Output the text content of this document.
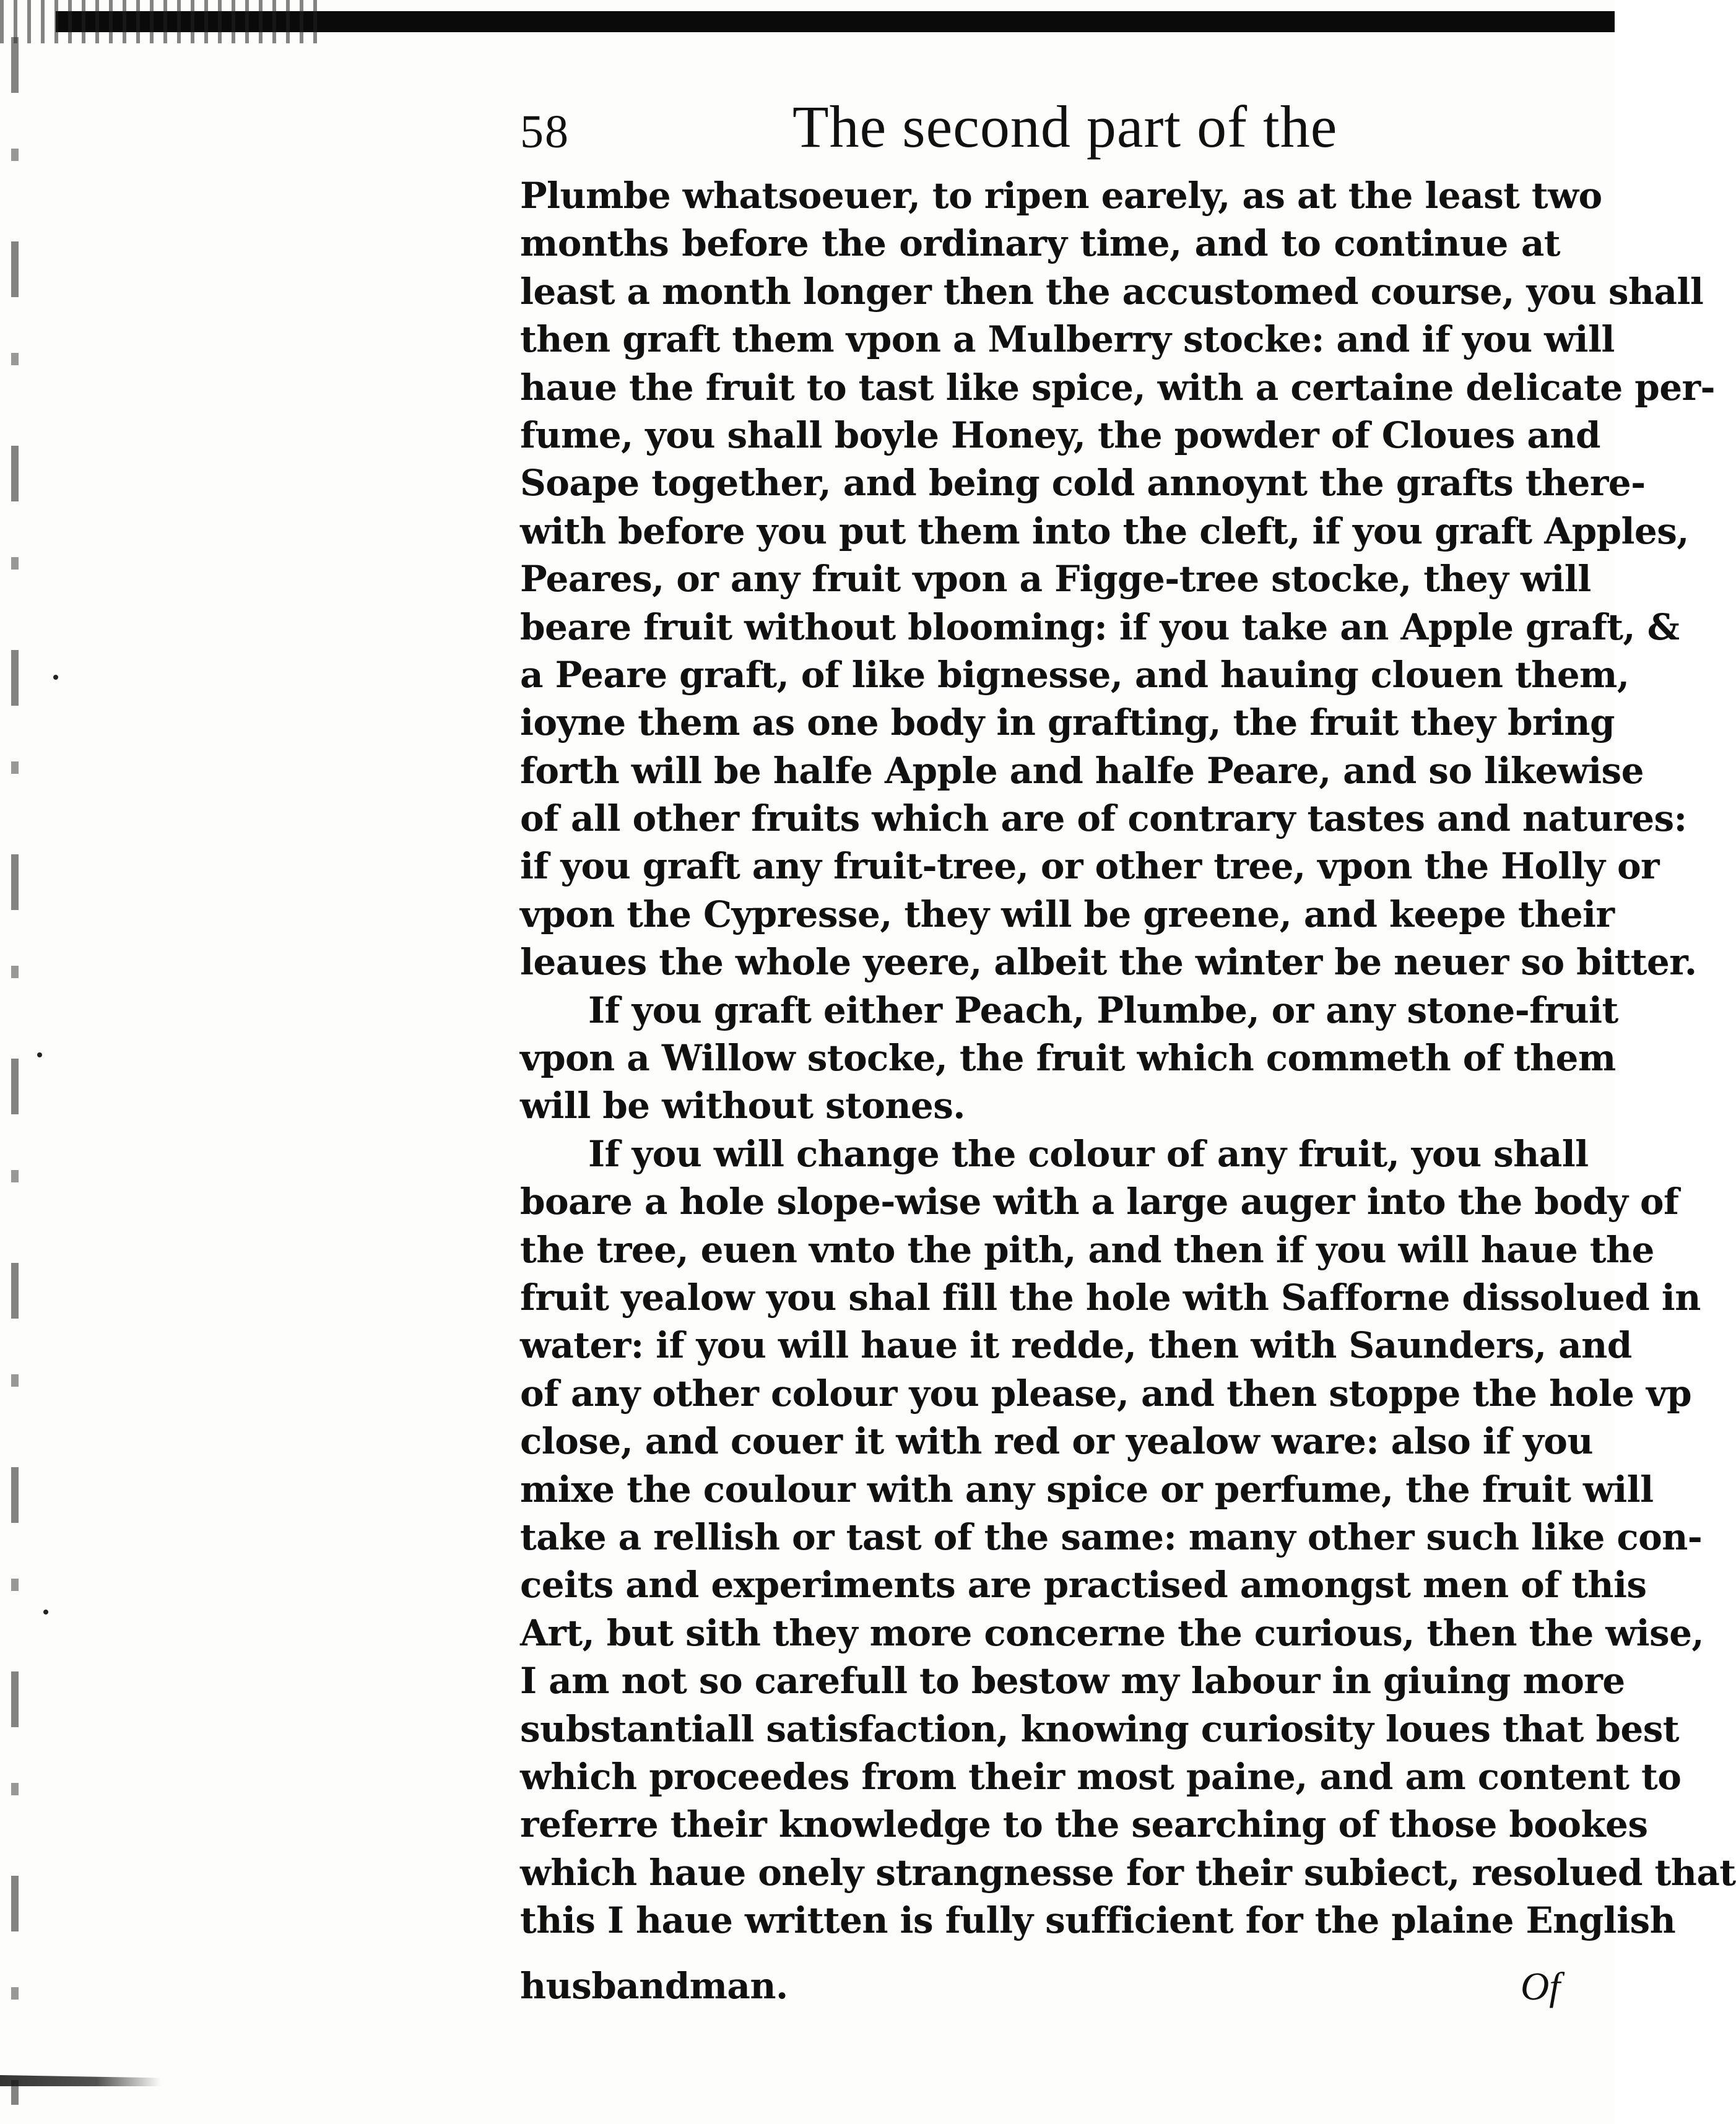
58	The second part of the
Plumbe whatsoeuer, to ripen earely, as at the least two
months before the ordinary time, and to continue at
least a month longer then the accustomed course, you shall
then graft them vpon a Mulberry stocke: and if you will
haue the fruit to tast like spice, with a certaine delicate per-
fume, you shall boyle Honey, the powder of Cloues and
Soape together, and being cold annoynt the grafts there-
with before you put them into the cleft, if you graft Apples,
Peares, or any fruit vpon a Figge-tree stocke, they will
beare fruit without blooming: if you take an Apple graft, &
a Peare graft, of like bignesse, and hauing clouen them,
ioyne them as one body in grafting, the fruit they bring
forth will be halfe Apple and halfe Peare, and so likewise
of all other fruits which are of contrary tastes and natures:
if you graft any fruit-tree, or other tree, vpon the Holly or
vpon the Cypresse, they will be greene, and keepe their
leaues the whole yeere, albeit the winter be neuer so bitter.
If you graft either Peach, Plumbe, or any stone-fruit
vpon a Willow stocke, the fruit which commeth of them
will be without stones.
If you will change the colour of any fruit, you shall
boare a hole slope-wise with a large auger into the body of
the tree, euen vnto the pith, and then if you will haue the
fruit yealow you shal fill the hole with Safforne dissolued in
water: if you will haue it redde, then with Saunders, and
of any other colour you please, and then stoppe the hole vp
close, and couer it with red or yealow ware: also if you
mixe the coulour with any spice or perfume, the fruit will
take a rellish or tast of the same: many other such like con-
ceits and experiments are practised amongst men of this
Art, but sith they more concerne the curious, then the wise,
I am not so carefull to bestow my labour in giuing more
substantiall satisfaction, knowing curiosity loues that best
which proceedes from their most paine, and am content to
referre their knowledge to the searching of those bookes
which haue onely strangnesse for their subiect, resolued that
this I haue written is fully sufficient for the plaine English
husbandman.	Of
